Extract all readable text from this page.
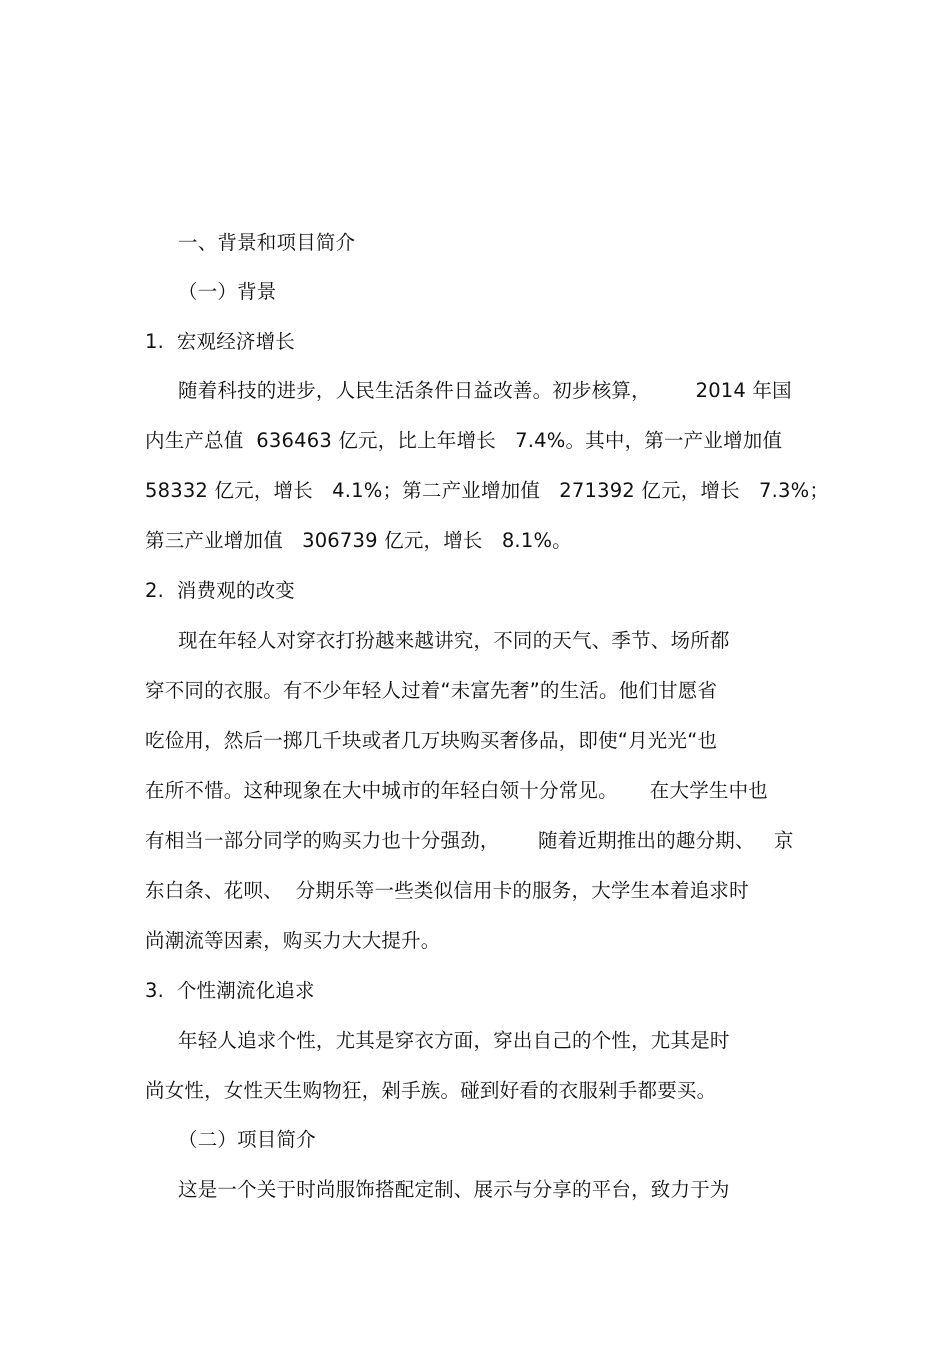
一、背景和项目简介
（一）背景
1.  宏观经济增长
随着科技的进步，人民生活条件日益改善。初步核算，       2014 年国
内生产总值  636463 亿元，比上年增长   7.4%。其中，第一产业增加值
58332 亿元，增长   4.1%；第二产业增加值   271392 亿元，增长   7.3%；
第三产业增加值   306739 亿元，增长   8.1%。
2.  消费观的改变
现在年轻人对穿衣打扮越来越讲究，不同的天气、季节、场所都
穿不同的衣服。有不少年轻人过着“未富先奢”的生活。他们甘愿省
吃俭用，然后一掷几千块或者几万块购买奢侈品，即使“月光光“也
在所不惜。这种现象在大中城市的年轻白领十分常见。     在大学生中也
有相当一部分同学的购买力也十分强劲，      随着近期推出的趣分期、   京
东白条、花呗、  分期乐等一些类似信用卡的服务，大学生本着追求时
尚潮流等因素，购买力大大提升。
3.  个性潮流化追求
年轻人追求个性，尤其是穿衣方面，穿出自己的个性，尤其是时
尚女性，女性天生购物狂，剁手族。碰到好看的衣服剁手都要买。
（二）项目简介
这是一个关于时尚服饰搭配定制、展示与分享的平台，致力于为
